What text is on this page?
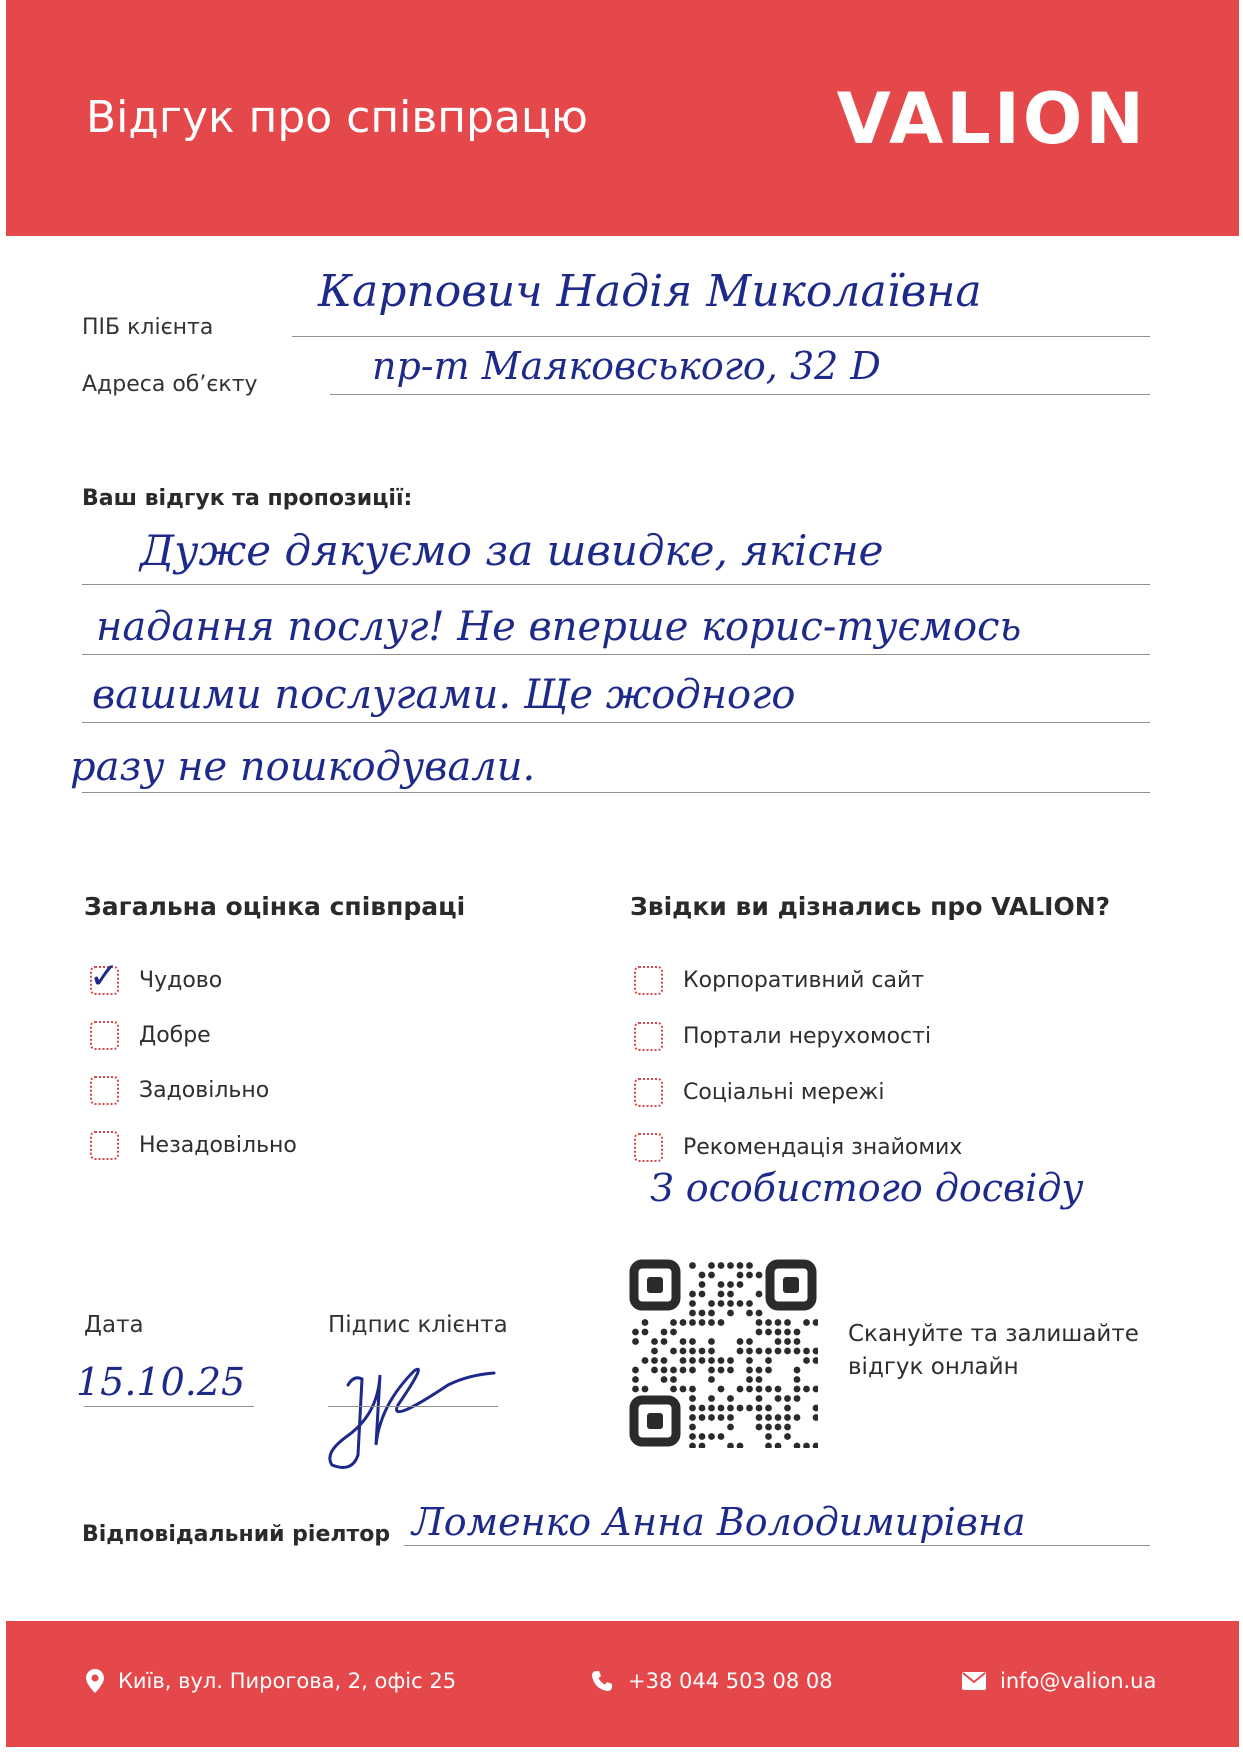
Відгук про співпрацю	VALION
ПІБ клієнта
Карпович Надія Миколаївна
Адреса об’єкту	пр-т Маяковського, 32 D
Ваш відгук та пропозиції:
Дуже дякуємо за швидке, якісне
надання послуг! Не вперше корис-туємось
вашими послугами. Ще жодного
разу не пошкодували.
Загальна оцінка співпраці
✓ Чудово
Добре
Задовільно
Незадовільно
Звідки ви дізнались про VALION?
Корпоративний сайт
Портали нерухомості
Соціальні мережі
Рекомендація знайомих
З особистого досвіду
Дата
15.10.25
Підпис клієнта	Скануйте та залишайте
відгук онлайн
Відповідальний ріелтор Ломенко Анна Володимирівна
Київ, вул. Пирогова, 2, офіс 25	+38 044 503 08 08	info@valion.ua
